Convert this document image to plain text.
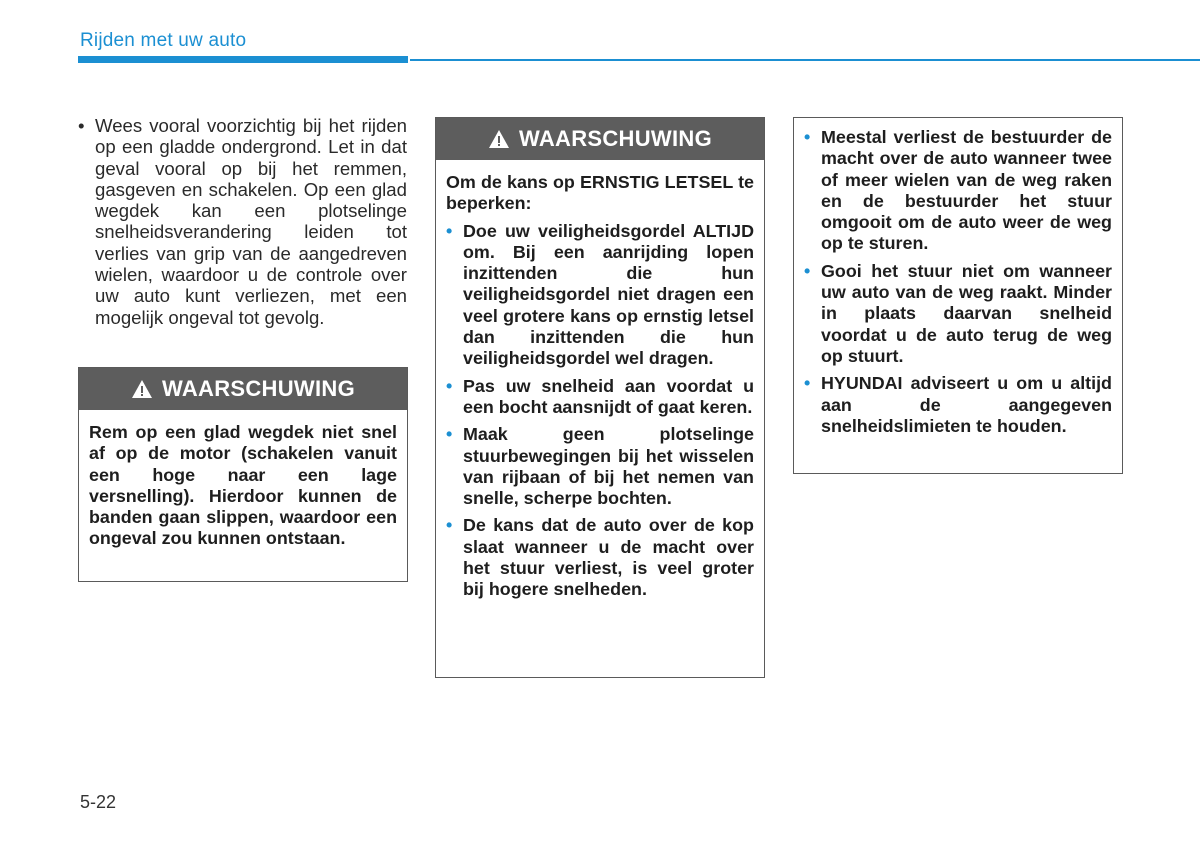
Rijden met uw auto
• Wees vooral voorzichtig bij het rijden op een gladde ondergrond. Let in dat geval vooral op bij het remmen, gasgeven en schakelen. Op een glad wegdek kan een plotselinge snelheidsverandering leiden tot verlies van grip van de aangedreven wielen, waardoor u de controle over uw auto kunt verliezen, met een mogelijk ongeval tot gevolg.
WAARSCHUWING
Rem op een glad wegdek niet snel af op de motor (schakelen vanuit een hoge naar een lage versnelling). Hierdoor kunnen de banden gaan slippen, waardoor een ongeval zou kunnen ontstaan.
WAARSCHUWING
Om de kans op ERNSTIG LETSEL te beperken:
• Doe uw veiligheidsgordel ALTIJD om. Bij een aanrijding lopen inzittenden die hun veiligheidsgordel niet dragen een veel grotere kans op ernstig letsel dan inzittenden die hun veiligheidsgordel wel dragen.
• Pas uw snelheid aan voordat u een bocht aansnijdt of gaat keren.
• Maak geen plotselinge stuurbewegingen bij het wisselen van rijbaan of bij het nemen van snelle, scherpe bochten.
• De kans dat de auto over de kop slaat wanneer u de macht over het stuur verliest, is veel groter bij hogere snelheden.
• Meestal verliest de bestuurder de macht over de auto wanneer twee of meer wielen van de weg raken en de bestuurder het stuur omgooit om de auto weer de weg op te sturen.
• Gooi het stuur niet om wanneer uw auto van de weg raakt. Minder in plaats daarvan snelheid voordat u de auto terug de weg op stuurt.
• HYUNDAI adviseert u om u altijd aan de aangegeven snelheidslimieten te houden.
5-22
